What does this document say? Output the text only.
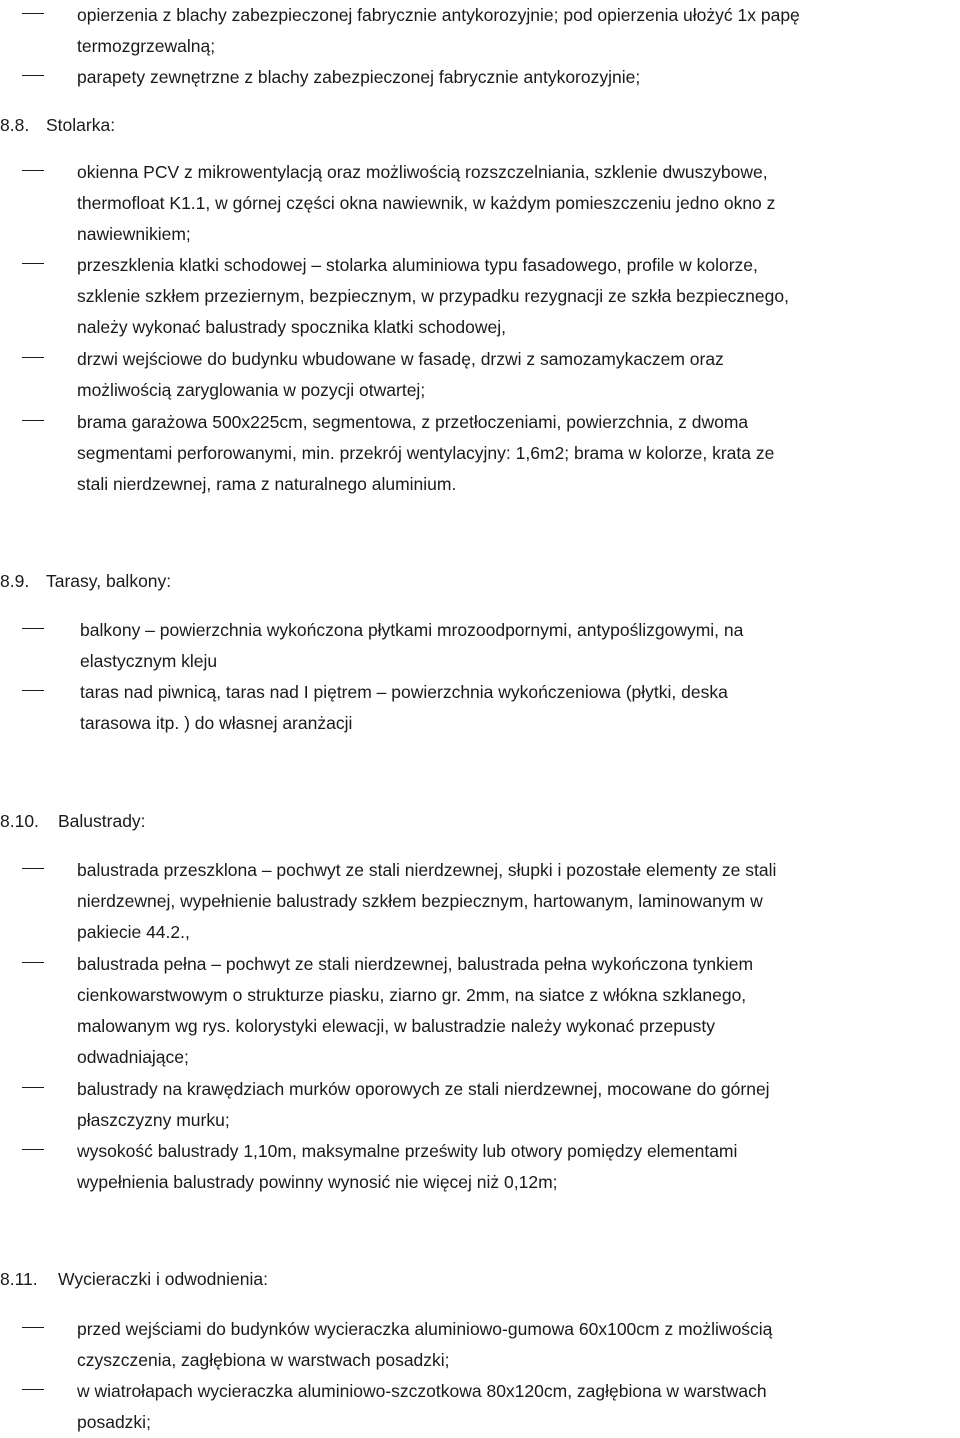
opierzenia z blachy zabezpieczonej fabrycznie antykorozyjnie; pod opierzenia ułożyć 1x papę
termozgrzewalną;
parapety zewnętrzne z blachy zabezpieczonej fabrycznie antykorozyjnie;
8.8. Stolarka:
okienna PCV z mikrowentylacją oraz możliwością rozszczelniania, szklenie dwuszybowe,
thermofloat K1.1, w górnej części okna nawiewnik, w każdym pomieszczeniu jedno okno z
nawiewnikiem;
przeszklenia klatki schodowej – stolarka aluminiowa typu fasadowego, profile w kolorze,
szklenie szkłem przeziernym, bezpiecznym, w przypadku rezygnacji ze szkła bezpiecznego,
należy wykonać balustrady spocznika klatki schodowej,
drzwi wejściowe do budynku wbudowane w fasadę, drzwi z samozamykaczem oraz
możliwością zaryglowania w pozycji otwartej;
brama garażowa 500x225cm, segmentowa, z przetłoczeniami, powierzchnia, z dwoma
segmentami perforowanymi, min. przekrój wentylacyjny: 1,6m2; brama w kolorze, krata ze
stali nierdzewnej, rama z naturalnego aluminium.
8.9. Tarasy, balkony:
balkony – powierzchnia wykończona płytkami mrozoodpornymi, antypoślizgowymi, na
elastycznym kleju
taras nad piwnicą, taras nad I piętrem – powierzchnia wykończeniowa (płytki, deska
tarasowa itp. ) do własnej aranżacji
8.10. Balustrady:
balustrada przeszklona – pochwyt ze stali nierdzewnej, słupki i pozostałe elementy ze stali
nierdzewnej, wypełnienie balustrady szkłem bezpiecznym, hartowanym, laminowanym w
pakiecie 44.2.,
balustrada pełna – pochwyt ze stali nierdzewnej, balustrada pełna wykończona tynkiem
cienkowarstwowym o strukturze piasku, ziarno gr. 2mm, na siatce z włókna szklanego,
malowanym wg rys. kolorystyki elewacji, w balustradzie należy wykonać przepusty
odwadniające;
balustrady na krawędziach murków oporowych ze stali nierdzewnej, mocowane do górnej
płaszczyzny murku;
wysokość balustrady 1,10m, maksymalne prześwity lub otwory pomiędzy elementami
wypełnienia balustrady powinny wynosić nie więcej niż 0,12m;
8.11. Wycieraczki i odwodnienia:
przed wejściami do budynków wycieraczka aluminiowo-gumowa 60x100cm z możliwością
czyszczenia, zagłębiona w warstwach posadzki;
w wiatrołapach wycieraczka aluminiowo-szczotkowa 80x120cm, zagłębiona w warstwach
posadzki;
